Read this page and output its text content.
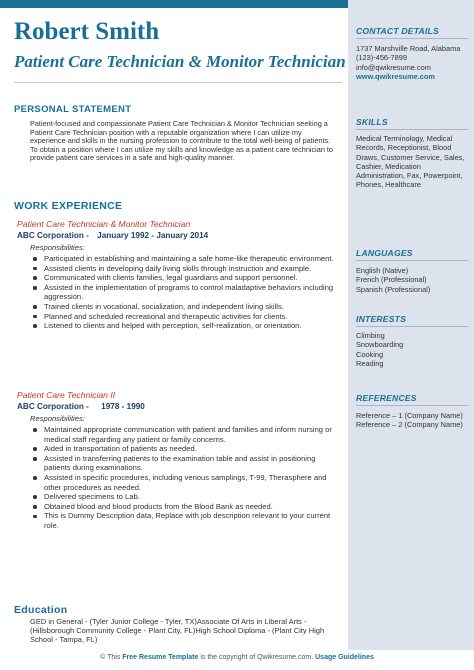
Robert Smith
Patient Care Technician & Monitor Technician
PERSONAL STATEMENT
Patient-focused and compassionate Patient Care Technician & Monitor Technician seeking a Patient Care Technician position with a reputable organization where I can utilize my experience and skills in the nursing profession to contribute to the total well-being of patients. To obtain a position where I can utilize my skills and knowledge as a patient care technician to provide patient care services in a safe and high-quality manner.
WORK EXPERIENCE
Patient Care Technician & Monitor Technician
ABC Corporation - January 1992 - January 2014
Responsibilities:
Participated in establishing and maintaining a safe home-like therapeutic environment.
Assisted clients in developing daily living skills through instruction and example.
Communicated with clients families, legal guardians and support personnel.
Assisted in the implementation of programs to control maladaptive behaviors including aggression.
Trained clients in vocational, socialization, and independent living skills.
Planned and scheduled recreational and therapeutic activities for clients.
Listened to clients and helped with perception, self-realization, or orientation.
Patient Care Technician II
ABC Corporation - 1978 - 1990
Responsibilities:
Maintained appropriate communication with patient and families and inform nursing or medical staff regarding any patient or family concerns.
Aided in transportation of patients as needed.
Assisted in transferring patients to the examination table and assist in positioning patients during examinations.
Assisted in specific procedures, including venous samplings, T-99, Therasphere and other procedures as needed.
Delivered specimens to Lab.
Obtained blood and blood products from the Blood Bank as needed.
This is Dummy Description data, Replace with job description relevant to your current role.
Education
GED in General - (Tyler Junior College - Tyler, TX)Associate Of Arts in Liberal Arts - (Hillsborough Community College - Plant City, FL)High School Diploma - (Plant City High School - Tampa, FL)
CONTACT DETAILS
1737 Marshville Road, Alabama
(123)-456-7899
info@qwikresume.com
www.qwikresume.com
SKILLS
Medical Terminology, Medical Records, Receptionist, Blood Draws, Customer Service, Sales, Cashier, Medication Administration, Fax, Powerpoint, Phones, Healthcare
LANGUAGES
English (Native)
French (Professional)
Spanish (Professional)
INTERESTS
Climbing
Snowboarding
Cooking
Reading
REFERENCES
Reference – 1 (Company Name)
Reference – 2 (Company Name)
© This Free Resume Template is the copyright of Qwikresume.com. Usage Guidelines
